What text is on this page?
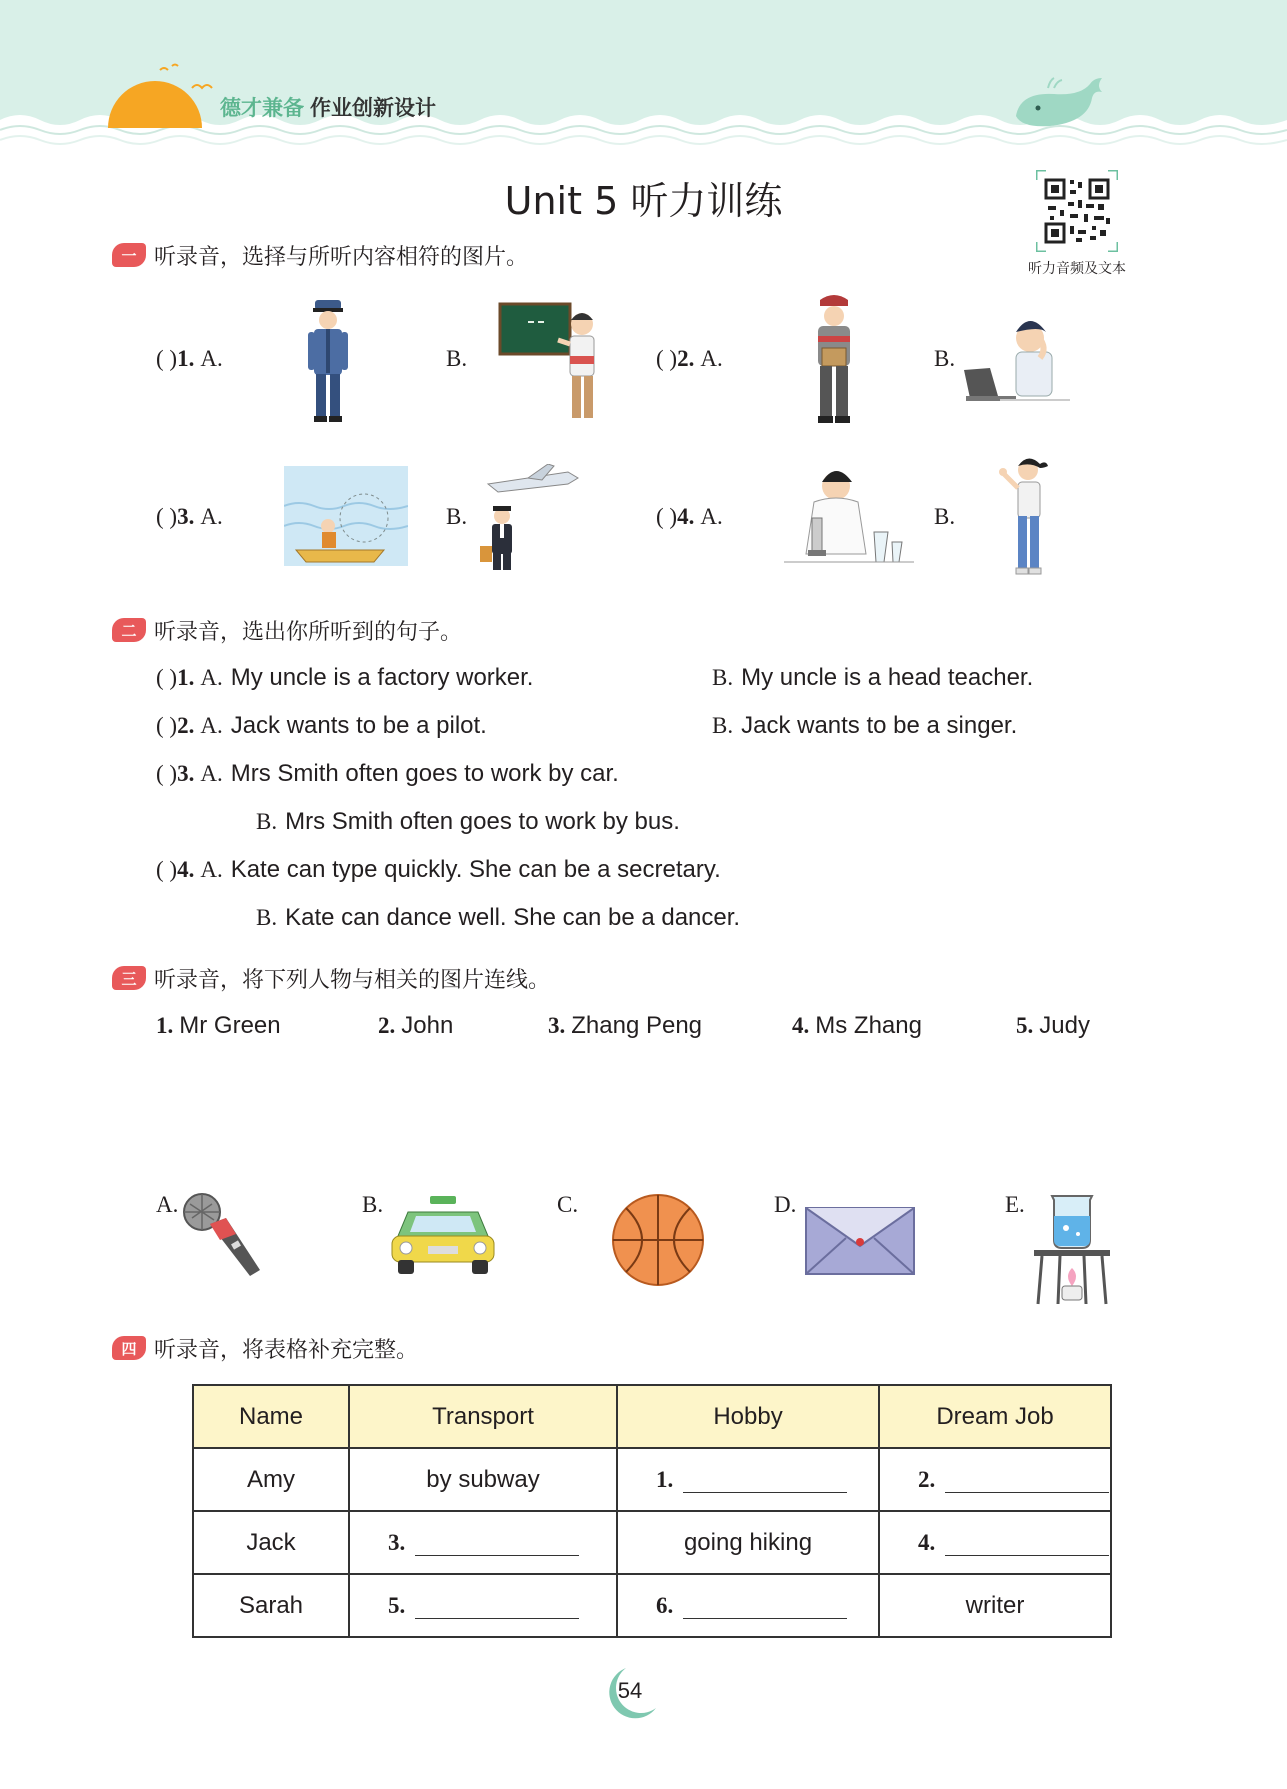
德才兼备 作业创新设计
Unit 5 听力训练
听力音频及文本
一 听录音，选择与所听内容相符的图片。
( ) 1. A.	B.	( ) 2. A.	B.
( ) 3. A.	B.	( ) 4. A.	B.
二 听录音，选出你所听到的句子。
( ) 1. A. My uncle is a factory worker.	B. My uncle is a head teacher.
( ) 2. A. Jack wants to be a pilot.	B. Jack wants to be a singer.
( ) 3. A. Mrs Smith often goes to work by car.
B. Mrs Smith often goes to work by bus.
( ) 4. A. Kate can type quickly. She can be a secretary.
B. Kate can dance well. She can be a dancer.
三 听录音，将下列人物与相关的图片连线。
1. Mr Green	2. John	3. Zhang Peng	4. Ms Zhang	5. Judy
A.	B.	C.	D.	E.
四 听录音，将表格补充完整。
Name	Transport	Hobby	Dream Job
Amy	by subway	1.	2.

Jack	3.	going hiking	4.

Sarah	5.	6.	writer
54
